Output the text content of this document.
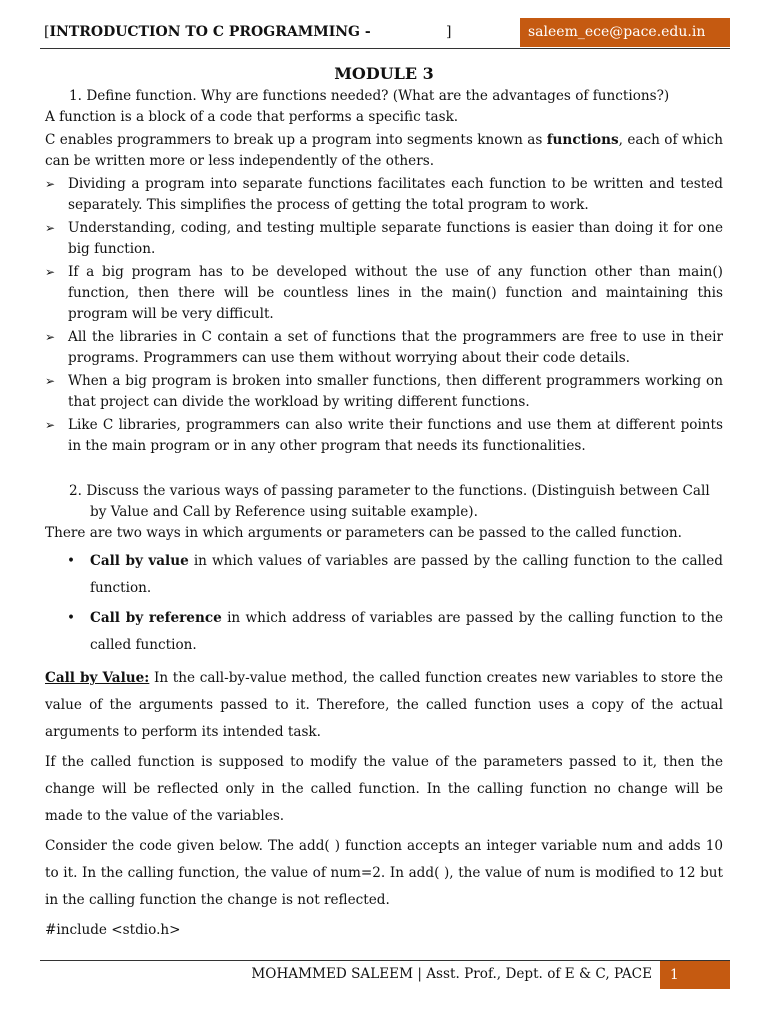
[INTRODUCTION TO C PROGRAMMING -	]	saleem_ece@pace.edu.in

MODULE 3

1. Define function. Why are functions needed? (What are the advantages of functions?)

A function is a block of a code that performs a specific task.

C enables programmers to break up a program into segments known as functions, each of which can be written more or less independently of the others.

➢ Dividing a program into separate functions facilitates each function to be written and tested separately. This simplifies the process of getting the total program to work.
➢ Understanding, coding, and testing multiple separate functions is easier than doing it for one big function.
➢ If a big program has to be developed without the use of any function other than main() function, then there will be countless lines in the main() function and maintaining this program will be very difficult.
➢ All the libraries in C contain a set of functions that the programmers are free to use in their programs. Programmers can use them without worrying about their code details.
➢ When a big program is broken into smaller functions, then different programmers working on that project can divide the workload by writing different functions.
➢ Like C libraries, programmers can also write their functions and use them at different points in the main program or in any other program that needs its functionalities.

2. Discuss the various ways of passing parameter to the functions. (Distinguish between Call by Value and Call by Reference using suitable example).

There are two ways in which arguments or parameters can be passed to the called function.

• Call by value in which values of variables are passed by the calling function to the called function.
• Call by reference in which address of variables are passed by the calling function to the called function.

Call by Value: In the call-by-value method, the called function creates new variables to store the value of the arguments passed to it. Therefore, the called function uses a copy of the actual arguments to perform its intended task.

If the called function is supposed to modify the value of the parameters passed to it, then the change will be reflected only in the called function. In the calling function no change will be made to the value of the variables.

Consider the code given below. The add( ) function accepts an integer variable num and adds 10 to it. In the calling function, the value of num=2. In add( ), the value of num is modified to 12 but in the calling function the change is not reflected.

#include <stdio.h>

MOHAMMED SALEEM | Asst. Prof., Dept. of E & C, PACE	1
